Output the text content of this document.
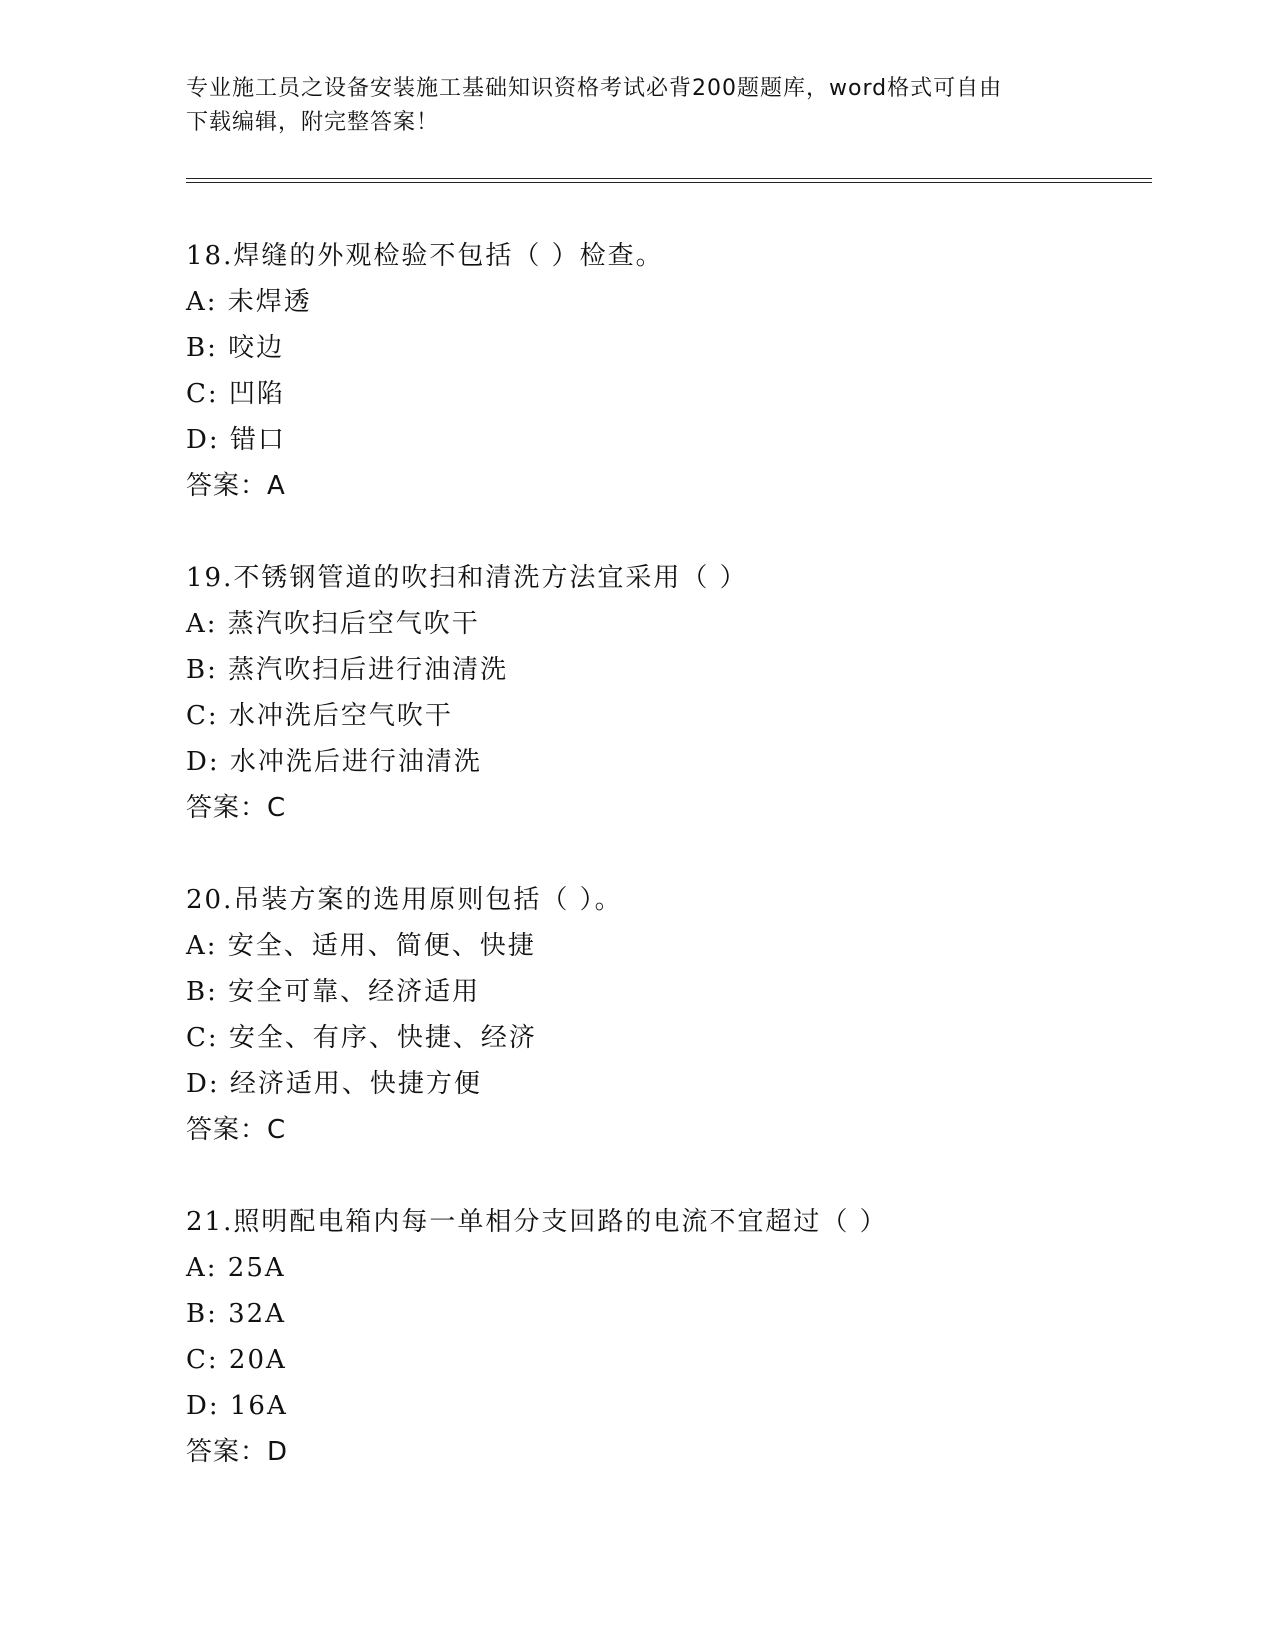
专业施工员之设备安装施工基础知识资格考试必背200题题库，word格式可自由
下载编辑，附完整答案！
18.焊缝的外观检验不包括（ ）检查。
A: 未焊透
B: 咬边
C: 凹陷
D: 错口
答案：A
19.不锈钢管道的吹扫和清洗方法宜采用（ ）
A: 蒸汽吹扫后空气吹干
B: 蒸汽吹扫后进行油清洗
C: 水冲洗后空气吹干
D: 水冲洗后进行油清洗
答案：C
20.吊装方案的选用原则包括（ ）。
A: 安全、适用、简便、快捷
B: 安全可靠、经济适用
C: 安全、有序、快捷、经济
D: 经济适用、快捷方便
答案：C
21.照明配电箱内每一单相分支回路的电流不宜超过（ ）
A: 25A
B: 32A
C: 20A
D: 16A
答案：D
